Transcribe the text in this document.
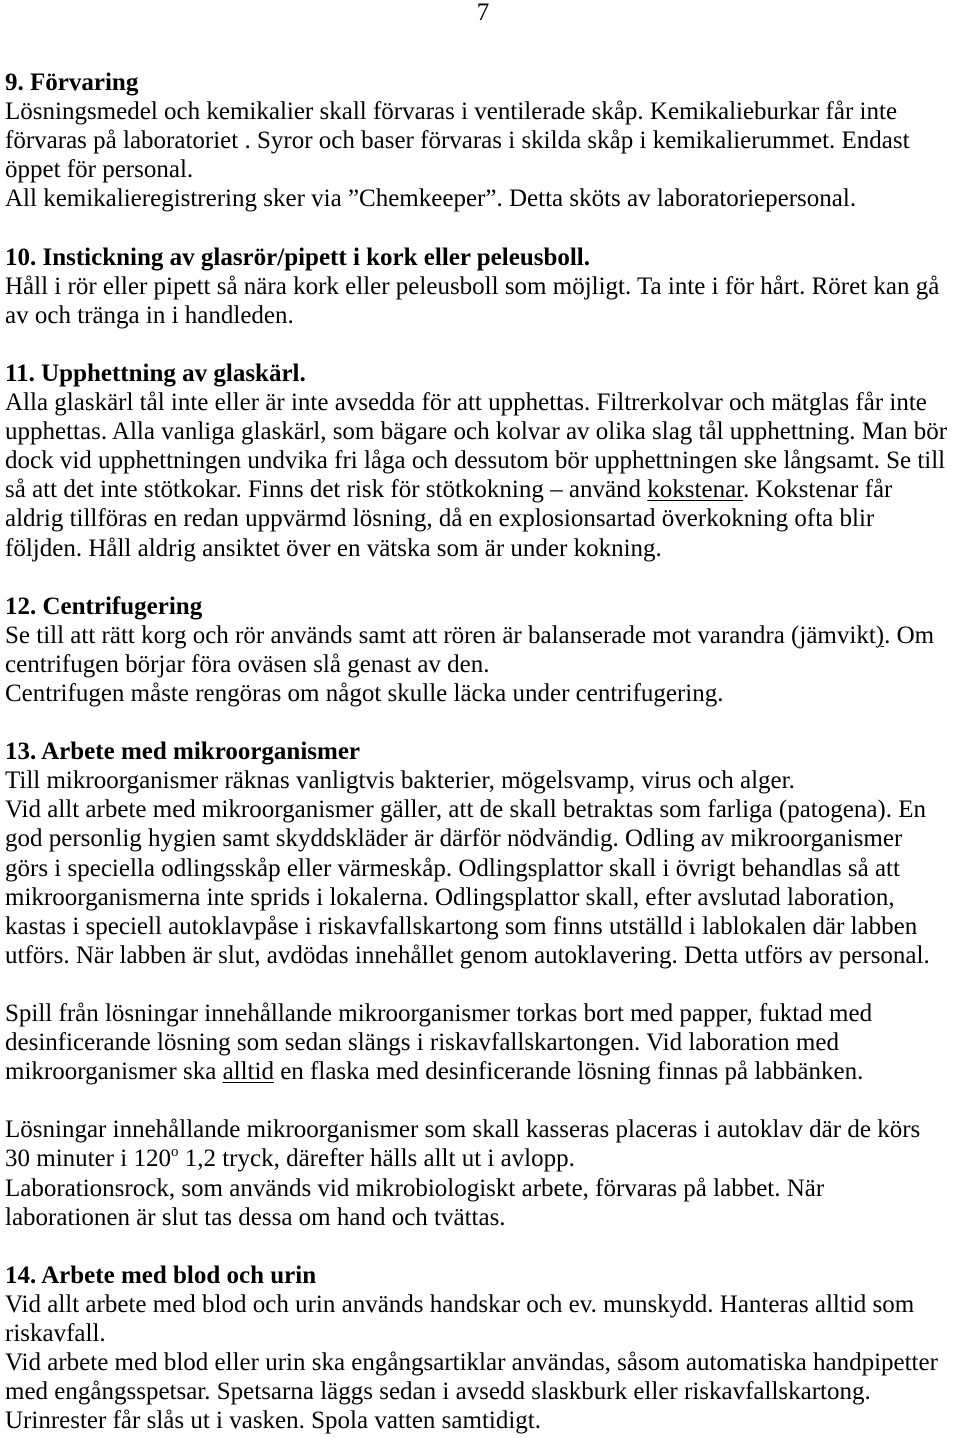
7
9. Förvaring
Lösningsmedel och kemikalier skall förvaras i ventilerade skåp. Kemikalieburkar får inte
förvaras på laboratoriet . Syror och baser förvaras i skilda skåp i kemikalierummet. Endast
öppet för personal.
All kemikalieregistrering sker via ”Chemkeeper”. Detta sköts av laboratoriepersonal.
10. Instickning av glasrör/pipett i kork eller peleusboll.
Håll i rör eller pipett så nära kork eller peleusboll som möjligt. Ta inte i för hårt. Röret kan gå
av och tränga in i handleden.
11. Upphettning av glaskärl.
Alla glaskärl tål inte eller är inte avsedda för att upphettas. Filtrerkolvar och mätglas får inte
upphettas. Alla vanliga glaskärl, som bägare och kolvar av olika slag tål upphettning. Man bör
dock vid upphettningen undvika fri låga och dessutom bör upphettningen ske långsamt. Se till
så att det inte stötkokar. Finns det risk för stötkokning – använd kokstenar. Kokstenar får
aldrig tillföras en redan uppvärmd lösning, då en explosionsartad överkokning ofta blir
följden. Håll aldrig ansiktet över en vätska som är under kokning.
12. Centrifugering
Se till att rätt korg och rör används samt att rören är balanserade mot varandra (jämvikt). Om
centrifugen börjar föra oväsen slå genast av den.
Centrifugen måste rengöras om något skulle läcka under centrifugering.
13. Arbete med mikroorganismer
Till mikroorganismer räknas vanligtvis bakterier, mögelsvamp, virus och alger.
Vid allt arbete med mikroorganismer gäller, att de skall betraktas som farliga (patogena). En
god personlig hygien samt skyddskläder är därför nödvändig. Odling av mikroorganismer
görs i speciella odlingsskåp eller värmeskåp. Odlingsplattor skall i övrigt behandlas så att
mikroorganismerna inte sprids i lokalerna. Odlingsplattor skall, efter avslutad laboration,
kastas i speciell autoklavpåse i riskavfallskartong som finns utställd i lablokalen där labben
utförs. När labben är slut, avdödas innehållet genom autoklavering. Detta utförs av personal.
Spill från lösningar innehållande mikroorganismer torkas bort med papper, fuktad med
desinficerande lösning som sedan slängs i riskavfallskartongen. Vid laboration med
mikroorganismer ska alltid en flaska med desinficerande lösning finnas på labbänken.
Lösningar innehållande mikroorganismer som skall kasseras placeras i autoklav där de körs
30 minuter i 120$^o$ 1,2 tryck, därefter hälls allt ut i avlopp.
Laborationsrock, som används vid mikrobiologiskt arbete, förvaras på labbet. När
laborationen är slut tas dessa om hand och tvättas.
14. Arbete med blod och urin
Vid allt arbete med blod och urin används handskar och ev. munskydd. Hanteras alltid som
riskavfall.
Vid arbete med blod eller urin ska engångsartiklar användas, såsom automatiska handpipetter
med engångsspetsar. Spetsarna läggs sedan i avsedd slaskburk eller riskavfallskartong.
Urinrester får slås ut i vasken. Spola vatten samtidigt.
